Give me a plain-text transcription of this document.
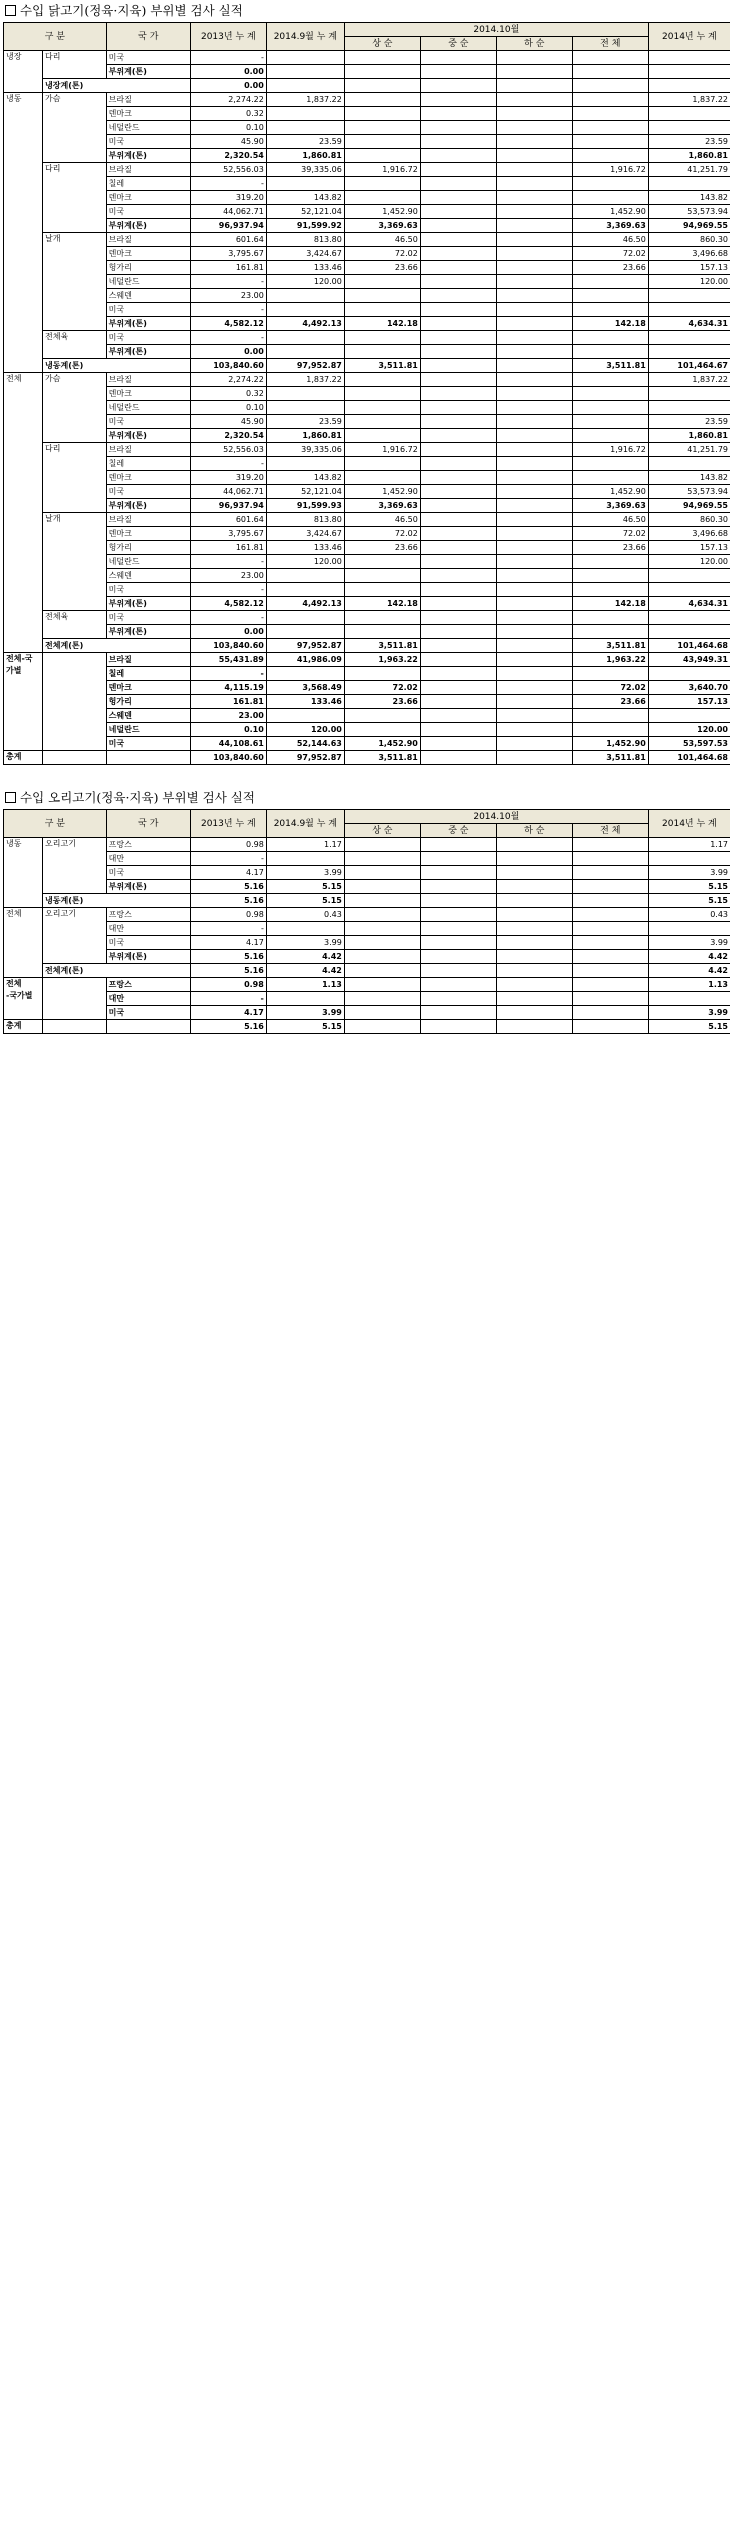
수입 닭고기(정육·지육) 부위별 검사 실적
구 분		국 가	2013년 누 계	2014.9월 누 계	2014.10월				2014년 누 계
					상 순	중 순	하 순	전 체	
냉장	다리	미국	-						
		부위계(톤)	0.00						
	냉장계(톤)		0.00						
냉동	가슴	브라질	2,274.22	1,837.22					1,837.22
		덴마크	0.32						
		네덜란드	0.10						
		미국	45.90	23.59					23.59
		부위계(톤)	2,320.54	1,860.81					1,860.81
	다리	브라질	52,556.03	39,335.06	1,916.72			1,916.72	41,251.79
		칠레	-						
		덴마크	319.20	143.82					143.82
		미국	44,062.71	52,121.04	1,452.90			1,452.90	53,573.94
		부위계(톤)	96,937.94	91,599.92	3,369.63			3,369.63	94,969.55
	날개	브라질	601.64	813.80	46.50			46.50	860.30
		덴마크	3,795.67	3,424.67	72.02			72.02	3,496.68
		헝가리	161.81	133.46	23.66			23.66	157.13
		네덜란드	-	120.00					120.00
		스웨덴	23.00						
		미국	-						
		부위계(톤)	4,582.12	4,492.13	142.18			142.18	4,634.31
	전체육	미국	-						
		부위계(톤)	0.00						
	냉동계(톤)		103,840.60	97,952.87	3,511.81			3,511.81	101,464.67
전체	가슴	브라질	2,274.22	1,837.22					1,837.22
		덴마크	0.32						
		네덜란드	0.10						
		미국	45.90	23.59					23.59
		부위계(톤)	2,320.54	1,860.81					1,860.81
	다리	브라질	52,556.03	39,335.06	1,916.72			1,916.72	41,251.79
		칠레	-						
		덴마크	319.20	143.82					143.82
		미국	44,062.71	52,121.04	1,452.90			1,452.90	53,573.94
		부위계(톤)	96,937.94	91,599.93	3,369.63			3,369.63	94,969.55
	날개	브라질	601.64	813.80	46.50			46.50	860.30
		덴마크	3,795.67	3,424.67	72.02			72.02	3,496.68
		헝가리	161.81	133.46	23.66			23.66	157.13
		네덜란드	-	120.00					120.00
		스웨덴	23.00						
		미국	-						
		부위계(톤)	4,582.12	4,492.13	142.18			142.18	4,634.31
	전체육	미국	-						
		부위계(톤)	0.00						
	전체계(톤)		103,840.60	97,952.87	3,511.81			3,511.81	101,464.68
전체-국가별		브라질	55,431.89	41,986.09	1,963.22			1,963.22	43,949.31
		칠레	-						
		덴마크	4,115.19	3,568.49	72.02			72.02	3,640.70
		헝가리	161.81	133.46	23.66			23.66	157.13
		스웨덴	23.00						
		네덜란드	0.10	120.00					120.00
		미국	44,108.61	52,144.63	1,452.90			1,452.90	53,597.53
총계			103,840.60	97,952.87	3,511.81			3,511.81	101,464.68
수입 오리고기(정육·지육) 부위별 검사 실적
구 분		국 가	2013년 누 계	2014.9월 누 계	2014.10월				2014년 누 계
					상 순	중 순	하 순	전 체	
냉동	오리고기	프랑스	0.98	1.17					1.17
		대만	-						
		미국	4.17	3.99					3.99
		부위계(톤)	5.16	5.15					5.15
	냉동계(톤)		5.16	5.15					5.15
전체	오리고기	프랑스	0.98	0.43					0.43
		대만	-						
		미국	4.17	3.99					3.99
		부위계(톤)	5.16	4.42					4.42
	전체계(톤)		5.16	4.42					4.42
전체
-국가별		프랑스	0.98	1.13					1.13
		대만	-						
		미국	4.17	3.99					3.99
총계			5.16	5.15					5.15
